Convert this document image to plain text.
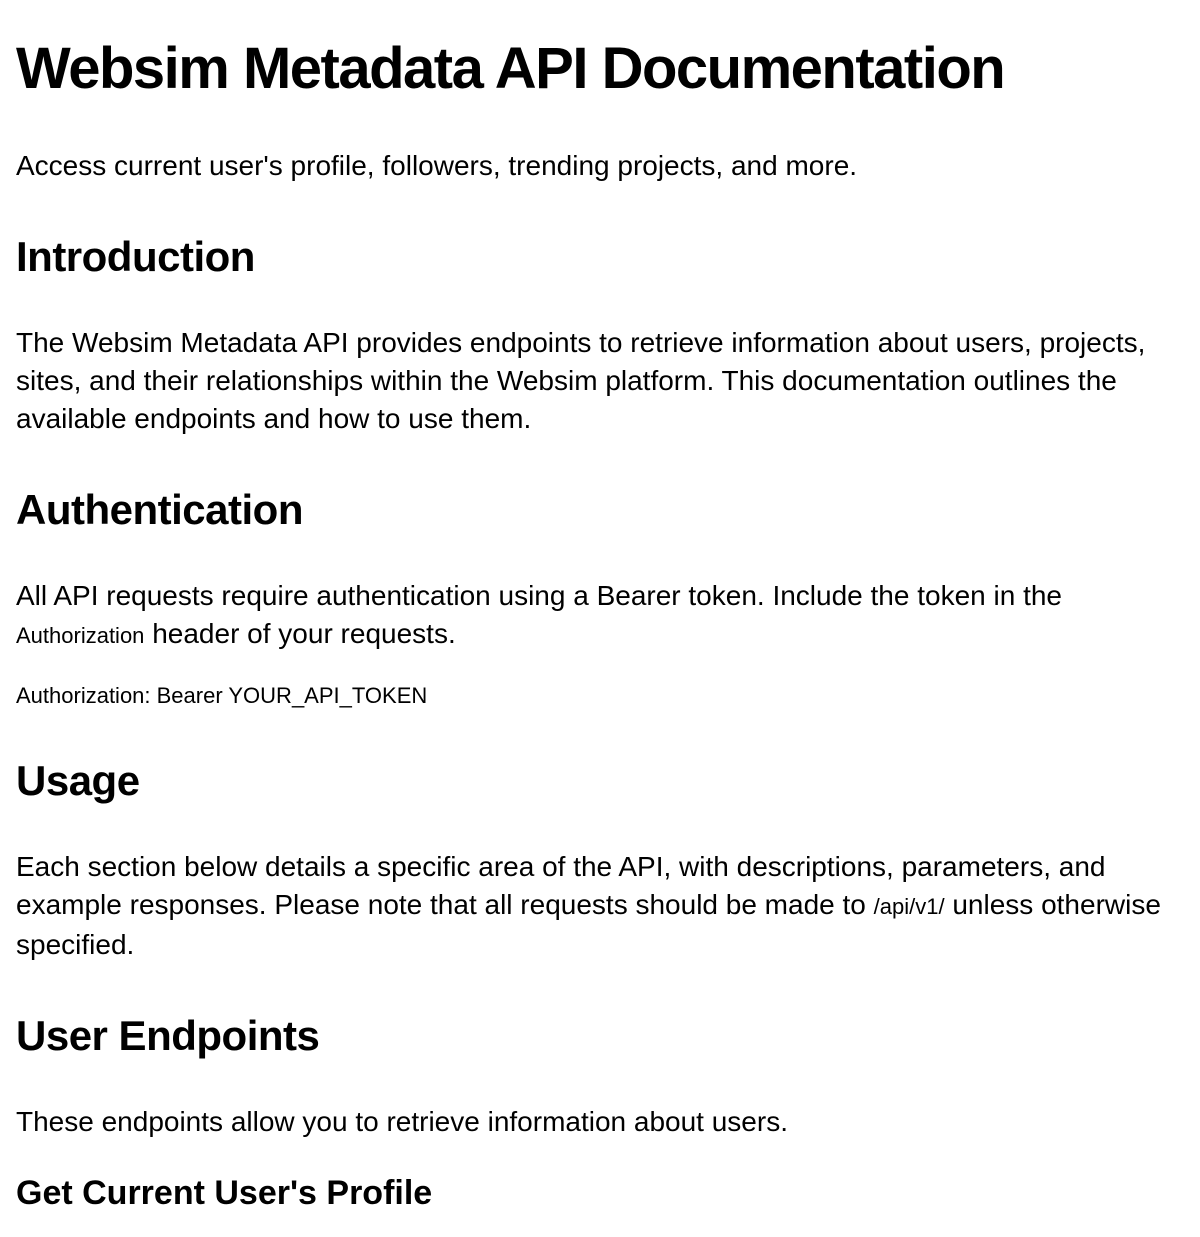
Websim Metadata API Documentation

Access current user's profile, followers, trending projects, and more.

Introduction

The Websim Metadata API provides endpoints to retrieve information about users, projects, sites, and their relationships within the Websim platform. This documentation outlines the available endpoints and how to use them.

Authentication

All API requests require authentication using a Bearer token. Include the token in the Authorization header of your requests.

Authorization: Bearer YOUR_API_TOKEN
Usage

Each section below details a specific area of the API, with descriptions, parameters, and example responses. Please note that all requests should be made to /api/v1/ unless otherwise specified.

User Endpoints

These endpoints allow you to retrieve information about users.

Get Current User's Profile
